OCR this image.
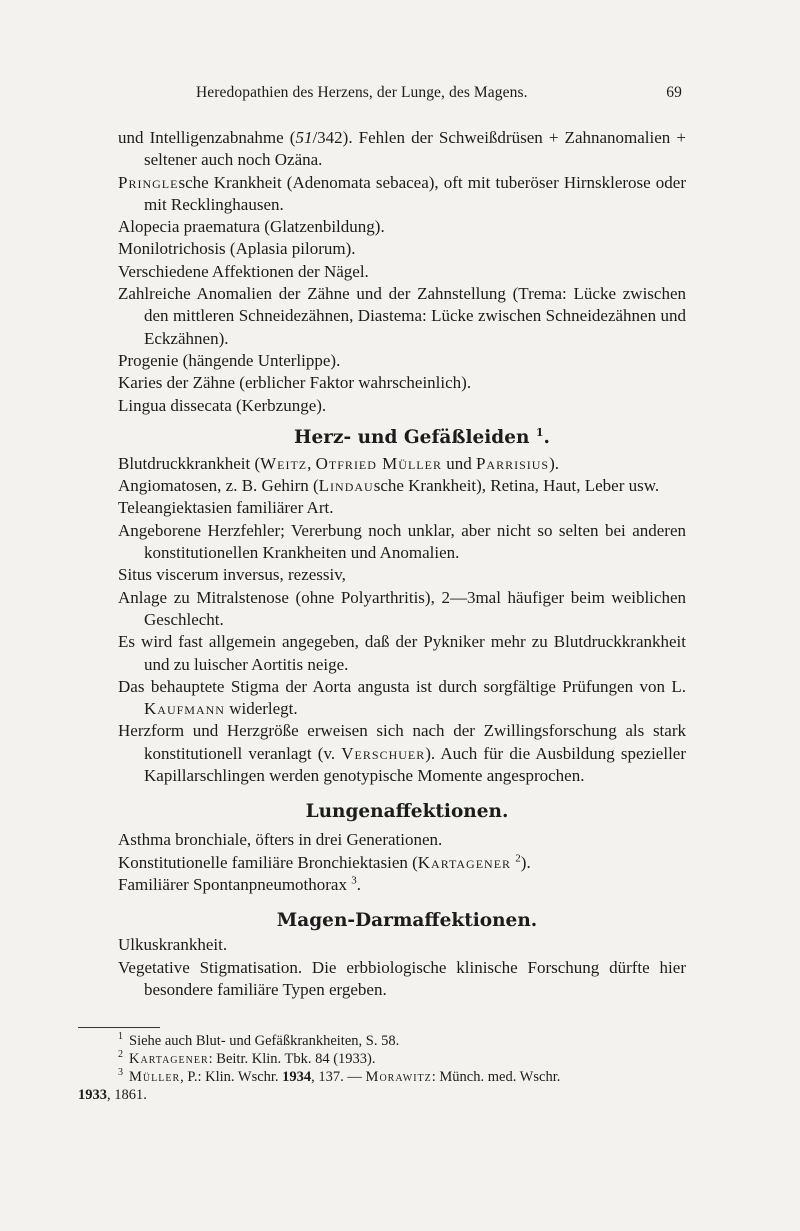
Heredopathien des Herzens, der Lunge, des Magens.	69

und Intelligenzabnahme (51/342). Fehlen der Schweißdrüsen + Zahnanomalien + seltener auch noch Ozäna.

Pringlesche Krankheit (Adenomata sebacea), oft mit tuberöser Hirnsklerose oder mit Recklinghausen.

Alopecia praematura (Glatzenbildung).

Monilotrichosis (Aplasia pilorum).

Verschiedene Affektionen der Nägel.

Zahlreiche Anomalien der Zähne und der Zahnstellung (Trema: Lücke zwischen den mittleren Schneidezähnen, Diastema: Lücke zwischen Schneidezähnen und Eckzähnen).

Progenie (hängende Unterlippe).

Karies der Zähne (erblicher Faktor wahrscheinlich).

Lingua dissecata (Kerbzunge).

Herz- und Gefäßleiden $^1$.

Blutdruckkrankheit (Weitz, Otfried Müller und Parrisius).

Angiomatosen, z. B. Gehirn (Lindausche Krankheit), Retina, Haut, Leber usw.

Teleangiektasien familiärer Art.

Angeborene Herzfehler; Vererbung noch unklar, aber nicht so selten bei anderen konstitutionellen Krankheiten und Anomalien.

Situs viscerum inversus, rezessiv,

Anlage zu Mitralstenose (ohne Polyarthritis), 2—3mal häufiger beim weiblichen Geschlecht.

Es wird fast allgemein angegeben, daß der Pykniker mehr zu Blutdruckkrankheit und zu luischer Aortitis neige.

Das behauptete Stigma der Aorta angusta ist durch sorgfältige Prüfungen von L. Kaufmann widerlegt.

Herzform und Herzgröße erweisen sich nach der Zwillingsforschung als stark konstitutionell veranlagt (v. Verschuer). Auch für die Ausbildung spezieller Kapillarschlingen werden genotypische Momente angesprochen.

Lungenaffektionen.

Asthma bronchiale, öfters in drei Generationen.

Konstitutionelle familiäre Bronchiektasien (Kartagener $^2$).

Familiärer Spontanpneumothorax $^3$.

Magen-Darmaffektionen.

Ulkuskrankheit.

Vegetative Stigmatisation. Die erbbiologische klinische Forschung dürfte hier besondere familiäre Typen ergeben.

$^1$ Siehe auch Blut- und Gefäßkrankheiten, S. 58.

$^2$ Kartagener: Beitr. Klin. Tbk. 84 (1933).

$^3$ Müller, P.: Klin. Wschr. 1934, 137. — Morawitz: Münch. med. Wschr.

1933, 1861.
